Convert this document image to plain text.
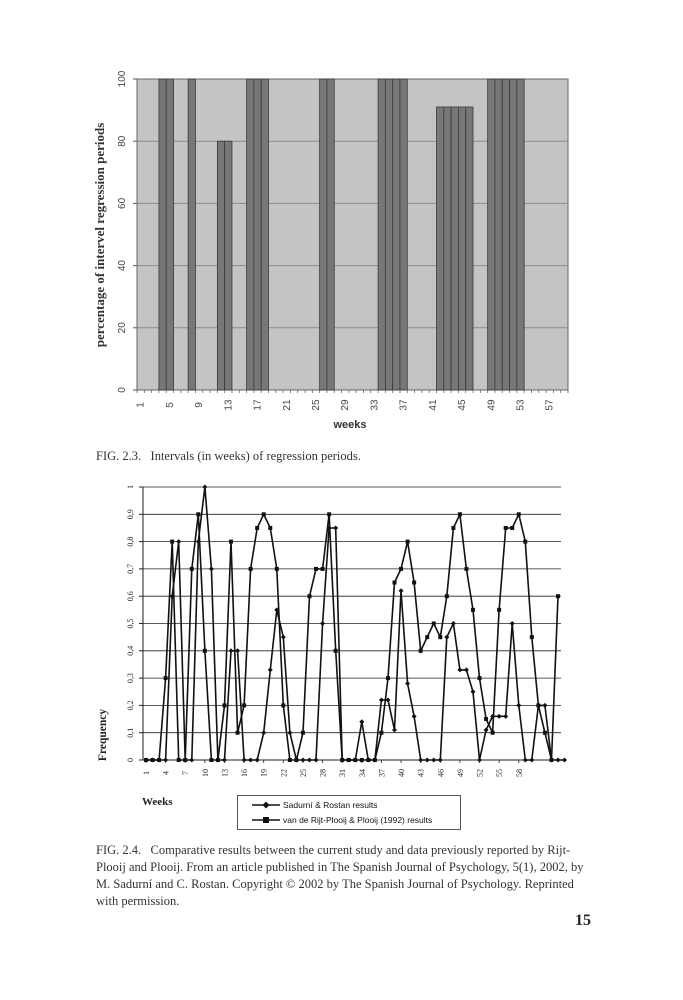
0
20
40
60
80
100
1 5 9 13 17 21 25 29 33 37 41 45 49 53 57
percentage of intervel regression periods
weeks

FIG. 2.3. Intervals (in weeks) of regression periods.

0
0,1
0,2
0,3
0,4
0,5
0,6
0,7
0,8
0,9
1
1 4 7 10 13 16 19 22 25 28 31 34 37 40 43 46 49 52 55 58
Frequency
Weeks	Sadurní & Rostan results
van de Rijt-Plooij & Plooij (1992) results

FIG. 2.4. Comparative results between the current study and data previously reported by Rijt-Plooij and Plooij. From an article published in The Spanish Journal of Psychology, 5(1), 2002, by M. Sadurní and C. Rostan. Copyright © 2002 by The Spanish Journal of Psychology. Reprinted with permission.

15
